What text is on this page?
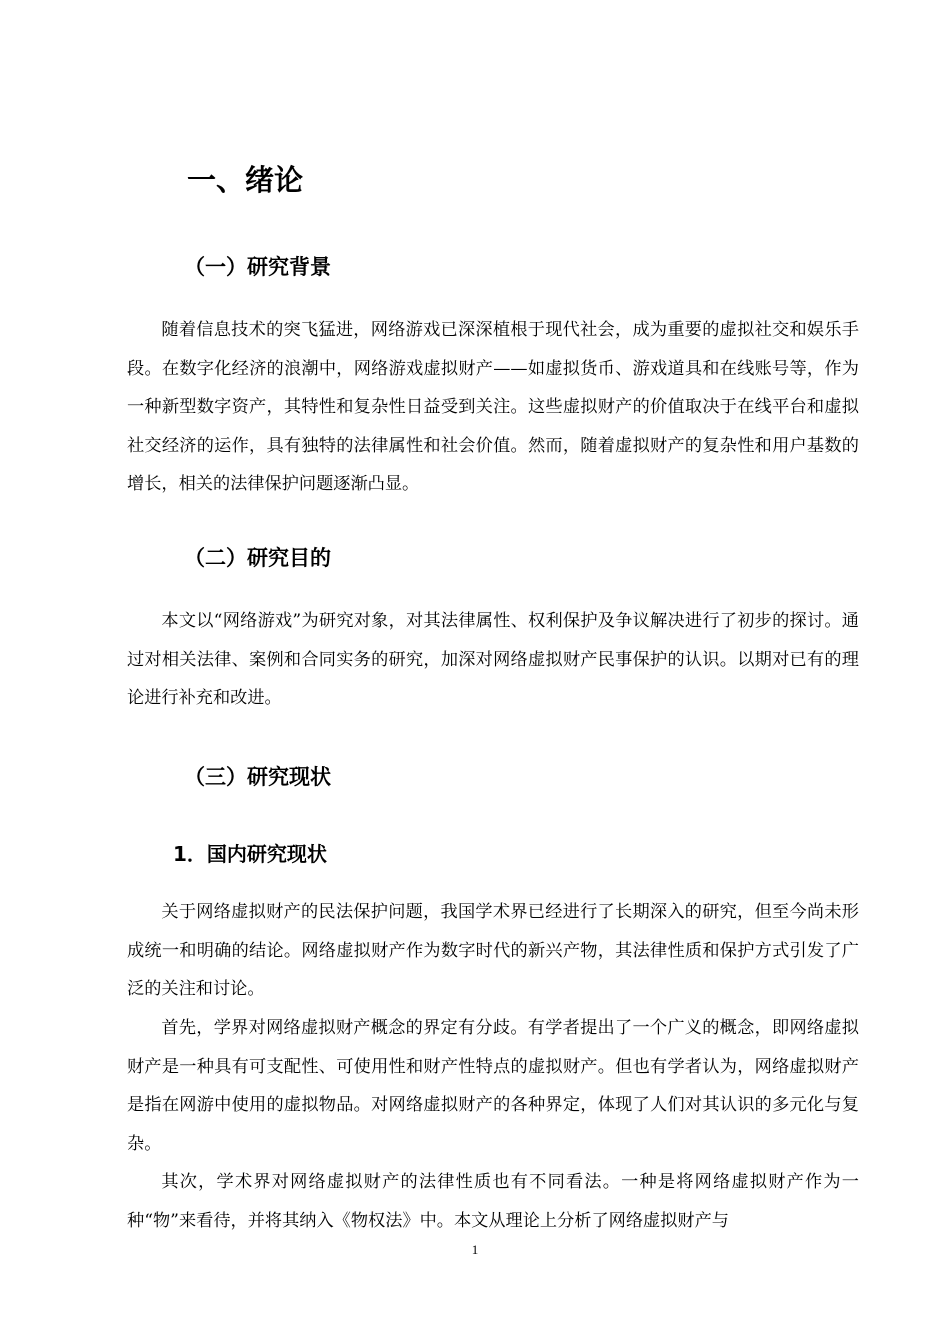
一、绪论
（一）研究背景

随着信息技术的突飞猛进，网络游戏已深深植根于现代社会，成为重要的虚拟社交和娱乐手段。在数字化经济的浪潮中，网络游戏虚拟财产——如虚拟货币、游戏道具和在线账号等，作为一种新型数字资产，其特性和复杂性日益受到关注。这些虚拟财产的价值取决于在线平台和虚拟社交经济的运作，具有独特的法律属性和社会价值。然而，随着虚拟财产的复杂性和用户基数的增长，相关的法律保护问题逐渐凸显。

（二）研究目的

本文以“网络游戏”为研究对象，对其法律属性、权利保护及争议解决进行了初步的探讨。通过对相关法律、案例和合同实务的研究，加深对网络虚拟财产民事保护的认识。以期对已有的理论进行补充和改进。

（三）研究现状
1．国内研究现状

关于网络虚拟财产的民法保护问题，我国学术界已经进行了长期深入的研究，但至今尚未形成统一和明确的结论。网络虚拟财产作为数字时代的新兴产物，其法律性质和保护方式引发了广泛的关注和讨论。

首先，学界对网络虚拟财产概念的界定有分歧。有学者提出了一个广义的概念，即网络虚拟财产是一种具有可支配性、可使用性和财产性特点的虚拟财产。但也有学者认为，网络虚拟财产是指在网游中使用的虚拟物品。对网络虚拟财产的各种界定，体现了人们对其认识的多元化与复杂。

其次，学术界对网络虚拟财产的法律性质也有不同看法。一种是将网络虚拟财产作为一种“物”来看待，并将其纳入《物权法》中。本文从理论上分析了网络虚拟财产与

1
